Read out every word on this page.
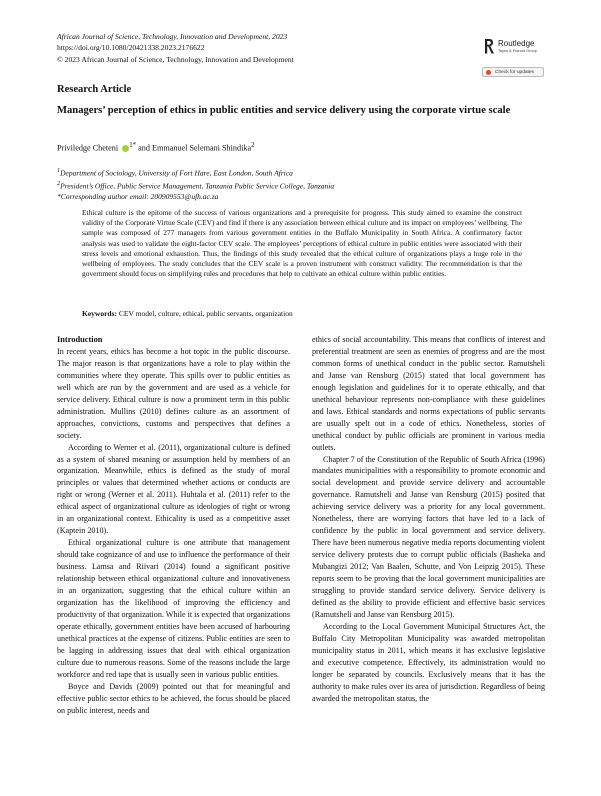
African Journal of Science, Technology, Innovation and Development, 2023
https://doi.org/10.1080/20421338.2023.2176622
© 2023 African Journal of Science, Technology, Innovation and Development
Routledge
Taylor & Francis Group
Check for updates
Research Article
Managers’ perception of ethics in public entities and service delivery using the corporate virtue scale
Priviledge Cheteni $^{1*}$ and Emmanuel Selemani Shindika$^2$
$^1$Department of Sociology, University of Fort Hare, East London, South Africa
$^2$President’s Office, Public Service Management, Tanzania Public Service College, Tanzania
*Corresponding author email: 200909553@ufh.ac.za
Ethical culture is the epitome of the success of various organizations and a prerequisite for progress. This study aimed to examine the construct validity of the Corporate Virtue Scale (CEV) and find if there is any association between ethical culture and its impact on employees’ wellbeing. The sample was composed of 277 managers from various government entities in the Buffalo Municipality in South Africa. A confirmatory factor analysis was used to validate the eight-factor CEV scale. The employees’ perceptions of ethical culture in public entities were associated with their stress levels and emotional exhaustion. Thus, the findings of this study revealed that the ethical culture of organizations plays a huge role in the wellbeing of employees. The study concludes that the CEV scale is a proven instrument with construct validity. The recommendation is that the government should focus on simplifying rules and procedures that help to cultivate an ethical culture within public entities.
Keywords: CEV model, culture, ethical, public servants, organization
Introduction

In recent years, ethics has become a hot topic in the public discourse. The major reason is that organizations have a role to play within the communities where they operate. This spills over to public entities as well which are run by the government and are used as a vehicle for service delivery. Ethical culture is now a prominent term in this public administration. Mullins (2010) defines culture as an assortment of approaches, convictions, customs and perspectives that defines a society.

According to Werner et al. (2011), organizational culture is defined as a system of shared meaning or assumption held by members of an organization. Meanwhile, ethics is defined as the study of moral principles or values that determined whether actions or conducts are right or wrong (Werner et al. 2011). Huhtala et al. (2011) refer to the ethical aspect of organizational culture as ideologies of right or wrong in an organizational context. Ethicality is used as a competitive asset (Kaptein 2010).

Ethical organizational culture is one attribute that management should take cognizance of and use to influence the performance of their business. Lamsa and Riivari (2014) found a significant positive relationship between ethical organizational culture and innovativeness in an organization, suggesting that the ethical culture within an organization has the likelihood of improving the efficiency and productivity of that organization. While it is expected that organizations operate ethically, government entities have been accused of harbouring unethical practices at the expense of citizens. Public entities are seen to be lagging in addressing issues that deal with ethical organization culture due to numerous reasons. Some of the reasons include the large workforce and red tape that is usually seen in various public entities.

Boyce and Davids (2009) pointed out that for meaningful and effective public sector ethics to be achieved, the focus should be placed on public interest, needs and

ethics of social accountability. This means that conflicts of interest and preferential treatment are seen as enemies of progress and are the most common forms of unethical conduct in the public sector. Ramutsheli and Janse van Rensburg (2015) stated that local government has enough legislation and guidelines for it to operate ethically, and that unethical behaviour represents non-compliance with these guidelines and laws. Ethical standards and norms expectations of public servants are usually spelt out in a code of ethics. Nonetheless, stories of unethical conduct by public officials are prominent in various media outlets.

Chapter 7 of the Constitution of the Republic of South Africa (1996) mandates municipalities with a responsibility to promote economic and social development and provide service delivery and accountable governance. Ramutsheli and Janse van Rensburg (2015) posited that achieving service delivery was a priority for any local government. Nonetheless, there are worrying factors that have led to a lack of confidence by the public in local government and service delivery. There have been numerous negative media reports documenting violent service delivery protests due to corrupt public officials (Basheka and Mubangizi 2012; Van Baalen, Schutte, and Von Leipzig 2015). These reports seem to be proving that the local government municipalities are struggling to provide standard service delivery. Service delivery is defined as the ability to provide efficient and effective basic services (Ramutsheli and Janse van Rensburg 2015).

According to the Local Government Municipal Structures Act, the Buffalo City Metropolitan Municipality was awarded metropolitan municipality status in 2011, which means it has exclusive legislative and executive competence. Effectively, its administration would no longer be separated by councils. Exclusively means that it has the authority to make rules over its area of jurisdiction. Regardless of being awarded the metropolitan status, the
